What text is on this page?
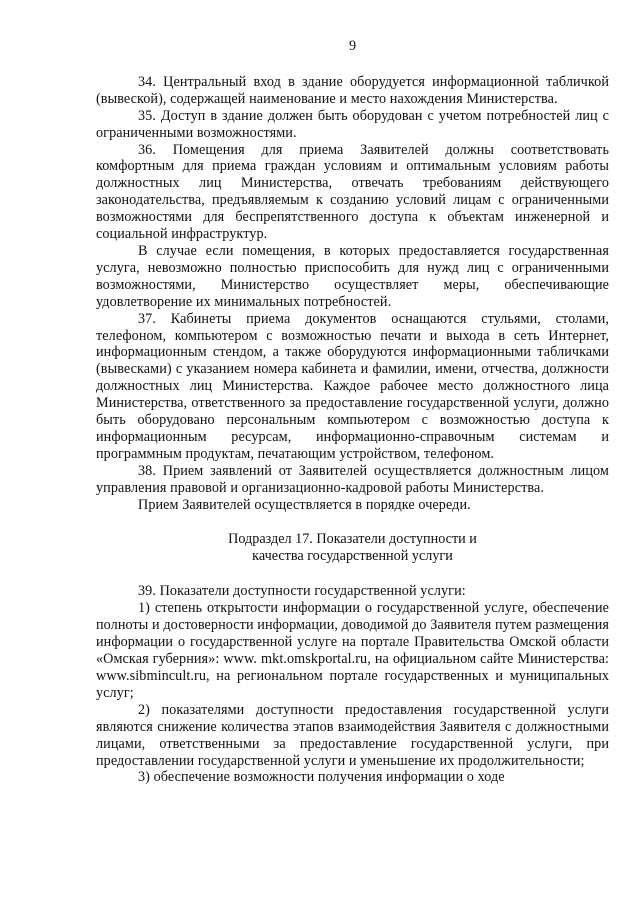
9

34. Центральный вход в здание оборудуется информационной табличкой (вывеской), содержащей наименование и место нахождения Министерства.

35. Доступ в здание должен быть оборудован с учетом потребностей лиц с ограниченными возможностями.

36. Помещения для приема Заявителей должны соответствовать комфортным для приема граждан условиям и оптимальным условиям работы должностных лиц Министерства, отвечать требованиям действующего законодательства, предъявляемым к созданию условий лицам с ограниченными возможностями для беспрепятственного доступа к объектам инженерной и социальной инфраструктур.

В случае если помещения, в которых предоставляется государственная услуга, невозможно полностью приспособить для нужд лиц с ограниченными возможностями, Министерство осуществляет меры, обеспечивающие удовлетворение их минимальных потребностей.

37. Кабинеты приема документов оснащаются стульями, столами, телефоном, компьютером с возможностью печати и выхода в сеть Интернет, информационным стендом, а также оборудуются информационными табличками (вывесками) с указанием номера кабинета и фамилии, имени, отчества, должности должностных лиц Министерства. Каждое рабочее место должностного лица Министерства, ответственного за предоставление государственной услуги, должно быть оборудовано персональным компьютером с возможностью доступа к информационным ресурсам, информационно-справочным системам и программным продуктам, печатающим устройством, телефоном.

38. Прием заявлений от Заявителей осуществляется должностным лицом управления правовой и организационно-кадровой работы Министерства.

Прием Заявителей осуществляется в порядке очереди.

Подраздел 17. Показатели доступности и
качества государственной услуги

39. Показатели доступности государственной услуги:

1) степень открытости информации о государственной услуге, обеспечение полноты и достоверности информации, доводимой до Заявителя путем размещения информации о государственной услуге на портале Правительства Омской области «Омская губерния»: www. mkt.omskportal.ru, на официальном сайте Министерства: www.sibmincult.ru, на региональном портале государственных и муниципальных услуг;

2) показателями доступности предоставления государственной услуги являются снижение количества этапов взаимодействия Заявителя с должностными лицами, ответственными за предоставление государственной услуги, при предоставлении государственной услуги и уменьшение их продолжительности;

3) обеспечение возможности получения информации о ходе
